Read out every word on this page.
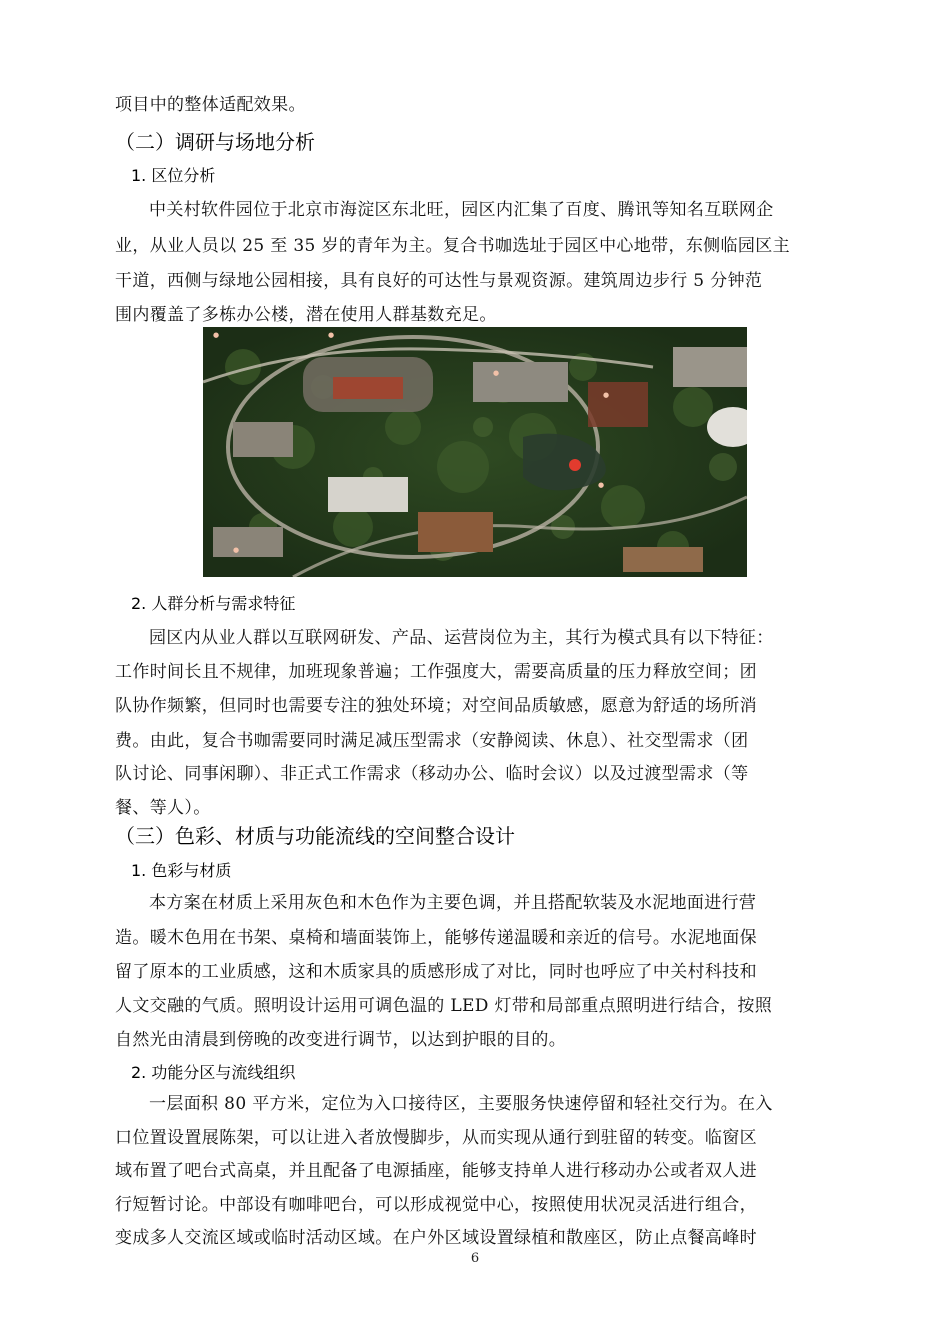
项目中的整体适配效果。
（二）调研与场地分析
1. 区位分析
中关村软件园位于北京市海淀区东北旺，园区内汇集了百度、腾讯等知名互联网企
业，从业人员以 25 至 35 岁的青年为主。复合书咖选址于园区中心地带，东侧临园区主
干道，西侧与绿地公园相接，具有良好的可达性与景观资源。建筑周边步行 5 分钟范
围内覆盖了多栋办公楼，潜在使用人群基数充足。
●	●
●
●
●
●
2. 人群分析与需求特征
园区内从业人群以互联网研发、产品、运营岗位为主，其行为模式具有以下特征：
工作时间长且不规律，加班现象普遍；工作强度大，需要高质量的压力释放空间；团
队协作频繁，但同时也需要专注的独处环境；对空间品质敏感，愿意为舒适的场所消
费。由此，复合书咖需要同时满足减压型需求（安静阅读、休息）、社交型需求（团
队讨论、同事闲聊）、非正式工作需求（移动办公、临时会议）以及过渡型需求（等
餐、等人）。
（三）色彩、材质与功能流线的空间整合设计
1. 色彩与材质
本方案在材质上采用灰色和木色作为主要色调，并且搭配软装及水泥地面进行营
造。暖木色用在书架、桌椅和墙面装饰上，能够传递温暖和亲近的信号。水泥地面保
留了原本的工业质感，这和木质家具的质感形成了对比，同时也呼应了中关村科技和
人文交融的气质。照明设计运用可调色温的 LED 灯带和局部重点照明进行结合，按照
自然光由清晨到傍晚的改变进行调节，以达到护眼的目的。
2. 功能分区与流线组织
一层面积 80 平方米，定位为入口接待区，主要服务快速停留和轻社交行为。在入
口位置设置展陈架，可以让进入者放慢脚步，从而实现从通行到驻留的转变。临窗区
域布置了吧台式高桌，并且配备了电源插座，能够支持单人进行移动办公或者双人进
行短暂讨论。中部设有咖啡吧台，可以形成视觉中心，按照使用状况灵活进行组合，
变成多人交流区域或临时活动区域。在户外区域设置绿植和散座区，防止点餐高峰时
6
